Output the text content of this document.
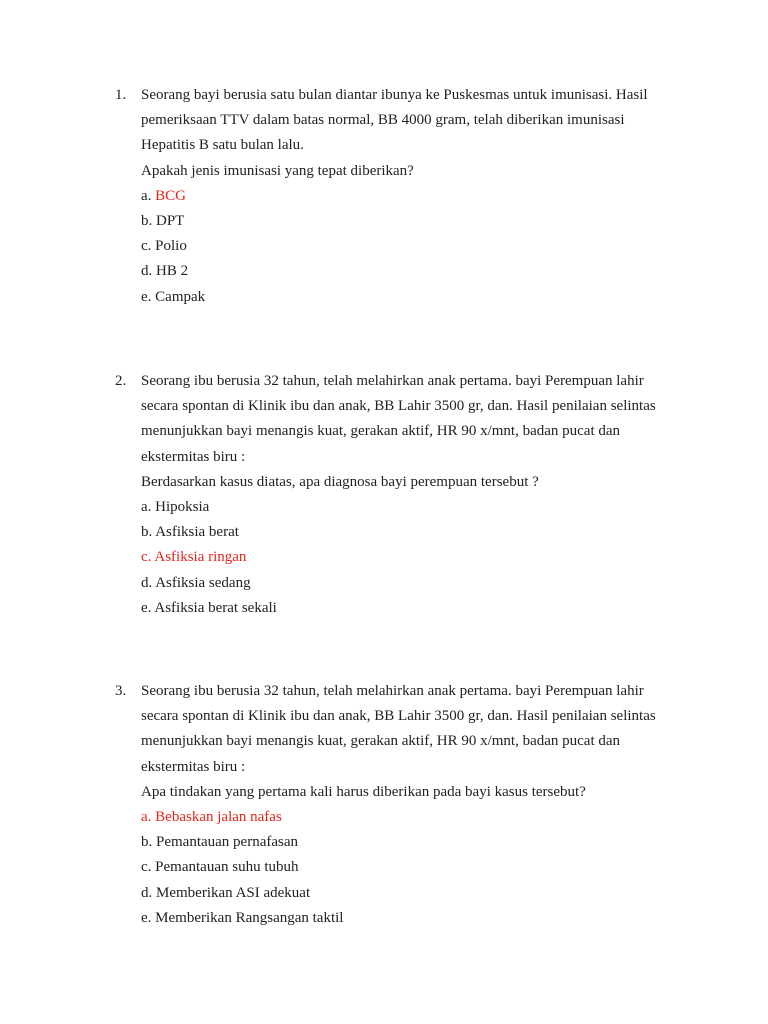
1. Seorang bayi berusia satu bulan diantar ibunya ke Puskesmas untuk imunisasi. Hasil
pemeriksaan TTV dalam batas normal, BB 4000 gram, telah diberikan imunisasi
Hepatitis B satu bulan lalu.
Apakah jenis imunisasi yang tepat diberikan?
a. BCG
b. DPT
c. Polio
d. HB 2
e. Campak
2. Seorang ibu berusia 32 tahun, telah melahirkan anak pertama. bayi Perempuan lahir
secara spontan di Klinik ibu dan anak, BB Lahir 3500 gr, dan. Hasil penilaian selintas
menunjukkan bayi menangis kuat, gerakan aktif, HR 90 x/mnt, badan pucat dan
ekstermitas biru :
Berdasarkan kasus diatas, apa diagnosa bayi perempuan tersebut ?
a. Hipoksia
b. Asfiksia berat
c. Asfiksia ringan
d. Asfiksia sedang
e. Asfiksia berat sekali
3. Seorang ibu berusia 32 tahun, telah melahirkan anak pertama. bayi Perempuan lahir
secara spontan di Klinik ibu dan anak, BB Lahir 3500 gr, dan. Hasil penilaian selintas
menunjukkan bayi menangis kuat, gerakan aktif, HR 90 x/mnt, badan pucat dan
ekstermitas biru :
Apa tindakan yang pertama kali harus diberikan pada bayi kasus tersebut?
a. Bebaskan jalan nafas
b. Pemantauan pernafasan
c. Pemantauan suhu tubuh
d. Memberikan ASI adekuat
e. Memberikan Rangsangan taktil
